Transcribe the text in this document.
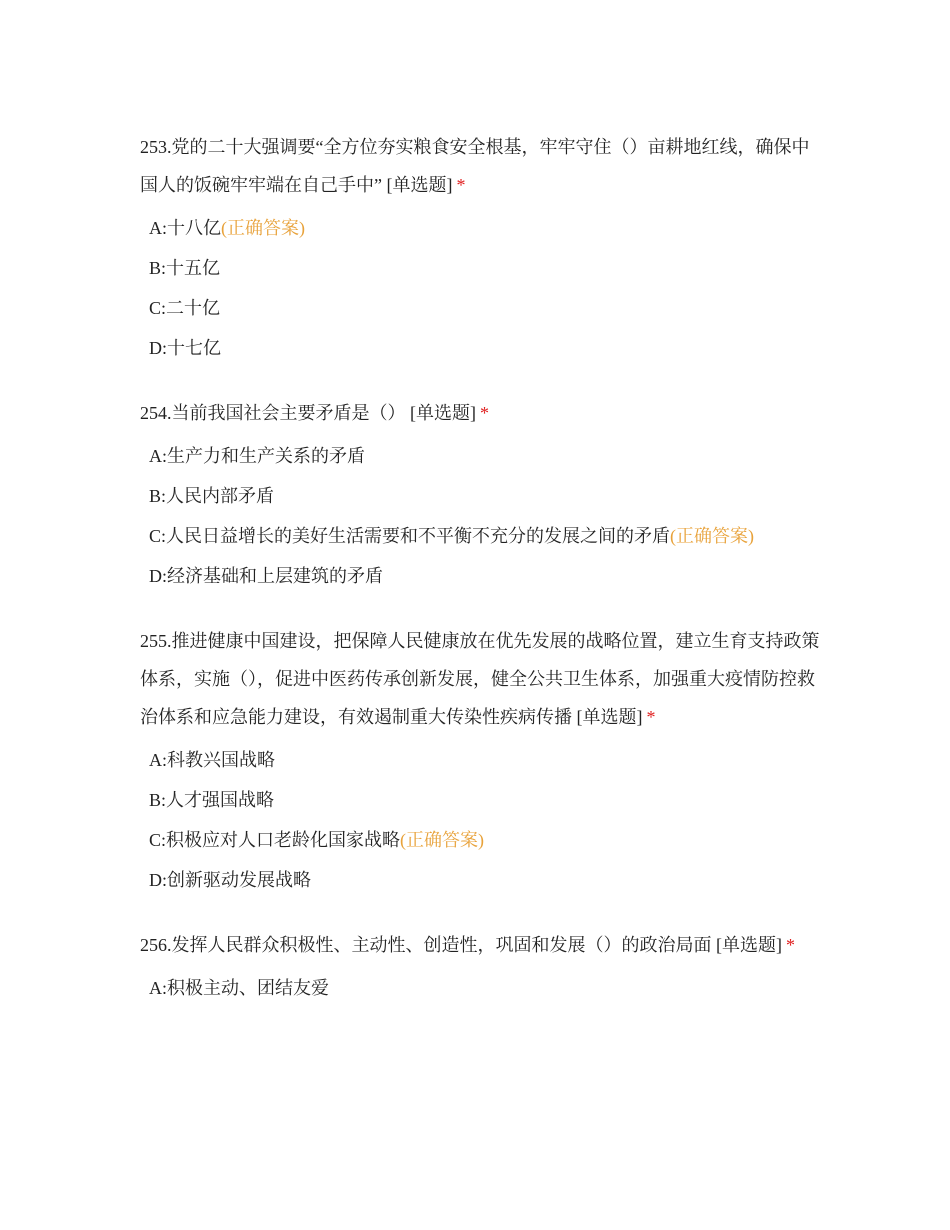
253.党的二十大强调要“全方位夯实粮食安全根基，牢牢守住（）亩耕地红线，确保中国人的饭碗牢牢端在自己手中” [单选题] *

A:十八亿(正确答案)
B:十五亿
C:二十亿
D:十七亿

254.当前我国社会主要矛盾是（） [单选题] *

A:生产力和生产关系的矛盾
B:人民内部矛盾
C:人民日益增长的美好生活需要和不平衡不充分的发展之间的矛盾(正确答案)
D:经济基础和上层建筑的矛盾

255.推进健康中国建设，把保障人民健康放在优先发展的战略位置，建立生育支持政策体系，实施（），促进中医药传承创新发展，健全公共卫生体系，加强重大疫情防控救治体系和应急能力建设，有效遏制重大传染性疾病传播 [单选题] *

A:科教兴国战略
B:人才强国战略
C:积极应对人口老龄化国家战略(正确答案)
D:创新驱动发展战略

256.发挥人民群众积极性、主动性、创造性，巩固和发展（）的政治局面 [单选题] *

A:积极主动、团结友爱
